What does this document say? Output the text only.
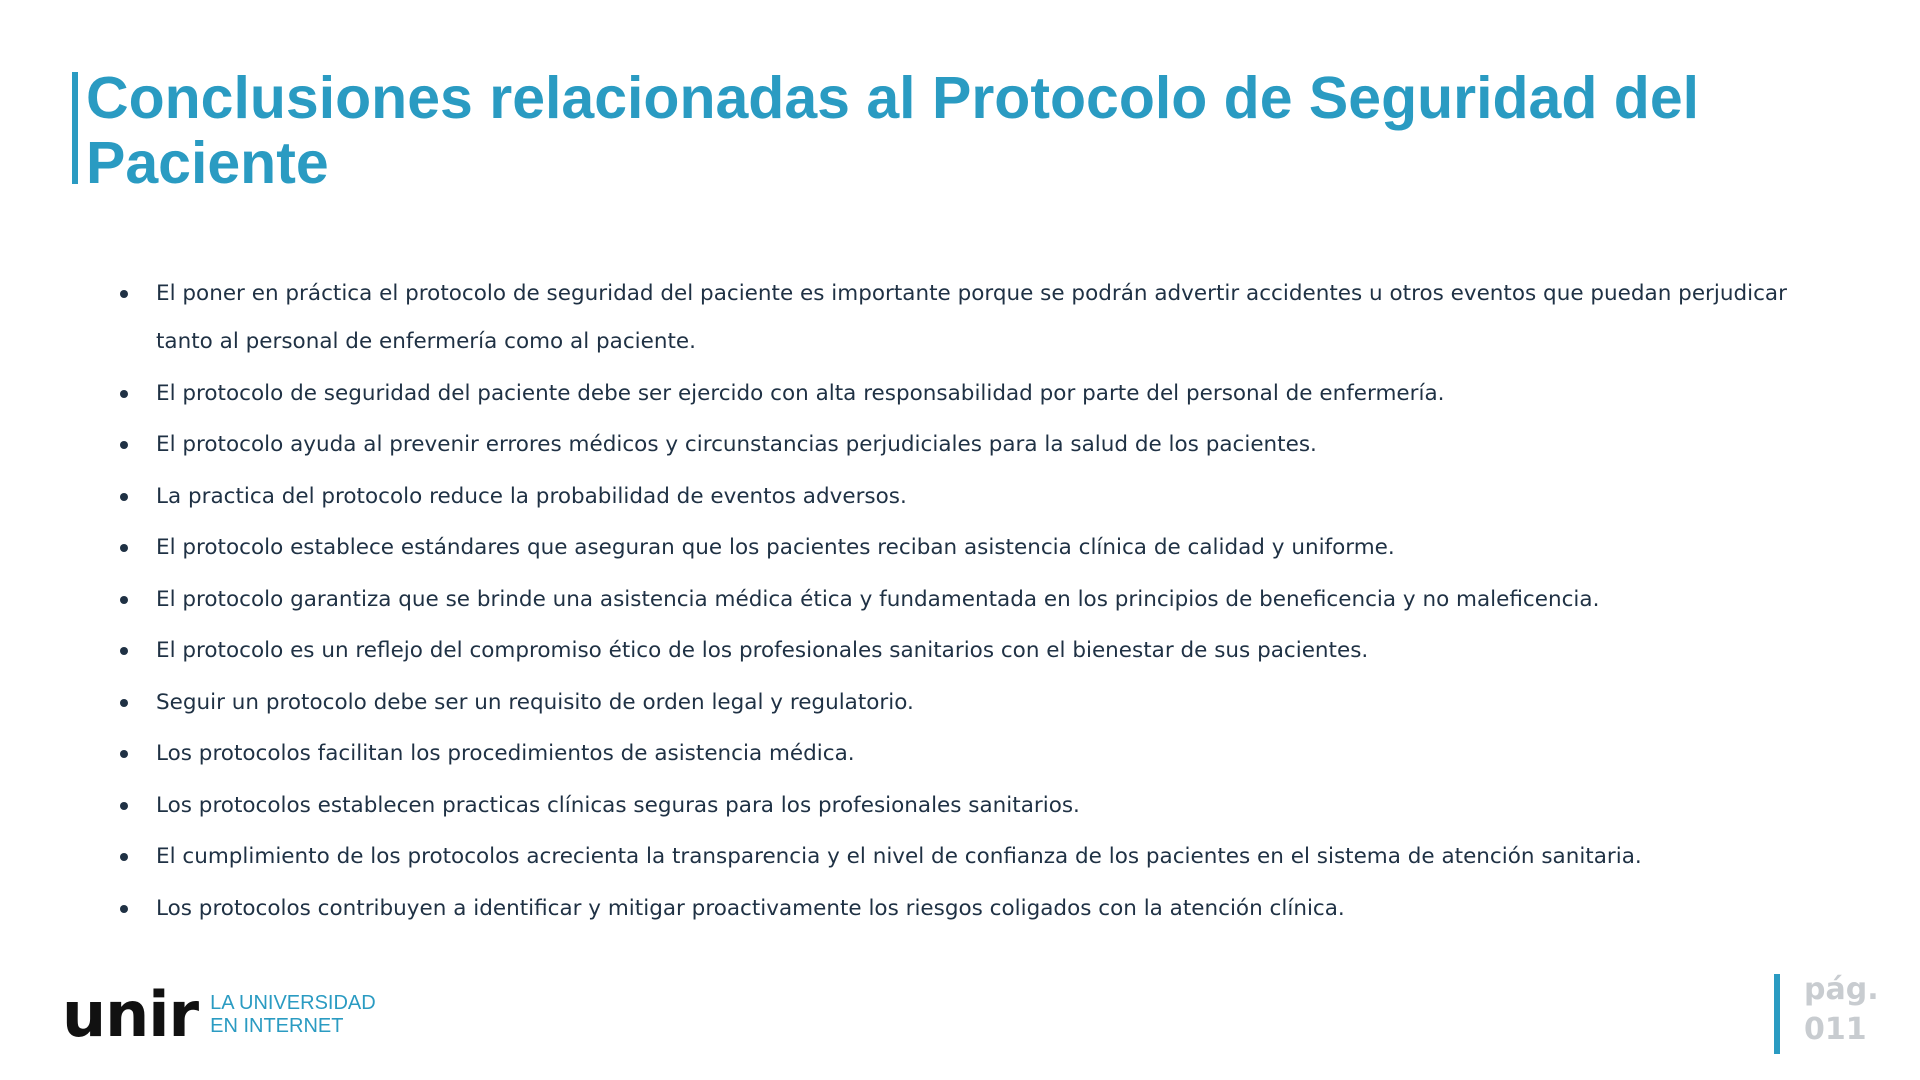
Conclusiones relacionadas al Protocolo de Seguridad del Paciente
El poner en práctica el protocolo de seguridad del paciente es importante porque se podrán advertir accidentes u otros eventos que puedan perjudicar tanto al personal de enfermería como al paciente.
El protocolo de seguridad del paciente debe ser ejercido con alta responsabilidad por parte del personal de enfermería.
El protocolo ayuda al prevenir errores médicos y circunstancias perjudiciales para la salud de los pacientes.
La practica del protocolo reduce la probabilidad de eventos adversos.
El protocolo establece estándares que aseguran que los pacientes reciban asistencia clínica de calidad y uniforme.
El protocolo garantiza que se brinde una asistencia médica ética y fundamentada en los principios de beneficencia y no maleficencia.
El protocolo es un reflejo del compromiso ético de los profesionales sanitarios con el bienestar de sus pacientes.
Seguir un protocolo debe ser un requisito de orden legal y regulatorio.
Los protocolos facilitan los procedimientos de asistencia médica.
Los protocolos establecen practicas clínicas seguras para los profesionales sanitarios.
El cumplimiento de los protocolos acrecienta la transparencia y el nivel de confianza de los pacientes en el sistema de atención sanitaria.
Los protocolos contribuyen a identificar y mitigar proactivamente los riesgos coligados con la atención clínica.
unir LA UNIVERSIDAD
EN INTERNET
pág.
011
